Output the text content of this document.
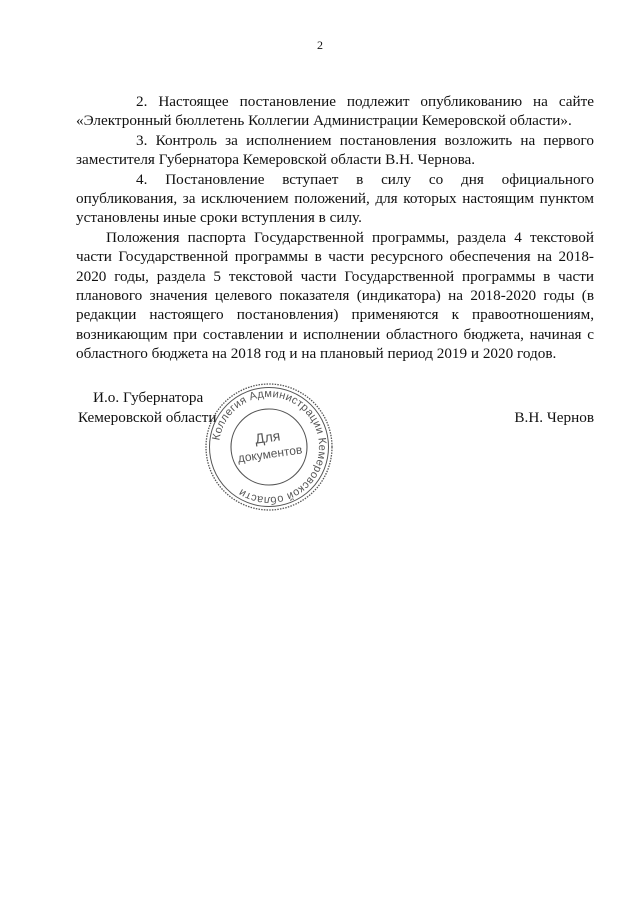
2

2. Настоящее постановление подлежит опубликованию на сайте «Электронный бюллетень Коллегии Администрации Кемеровской области».

3. Контроль за исполнением постановления возложить на первого заместителя Губернатора Кемеровской области В.Н. Чернова.

4. Постановление вступает в силу со дня официального опубликования, за исключением положений, для которых настоящим пунктом установлены иные сроки вступления в силу.

Положения паспорта Государственной программы, раздела 4 текстовой части Государственной программы в части ресурсного обеспечения на 2018-2020 годы, раздела 5 текстовой части Государственной программы в части планового значения целевого показателя (индикатора) на 2018-2020 годы (в редакции настоящего постановления) применяются к правоотношениям, возникающим при составлении и исполнении областного бюджета, начиная с областного бюджета на 2018 год и на плановый период 2019 и 2020 годов.

И.о. Губернатора
Кемеровской области	В.Н. Чернов
Коллегия Администрации Кемеровской области
Для
документов
